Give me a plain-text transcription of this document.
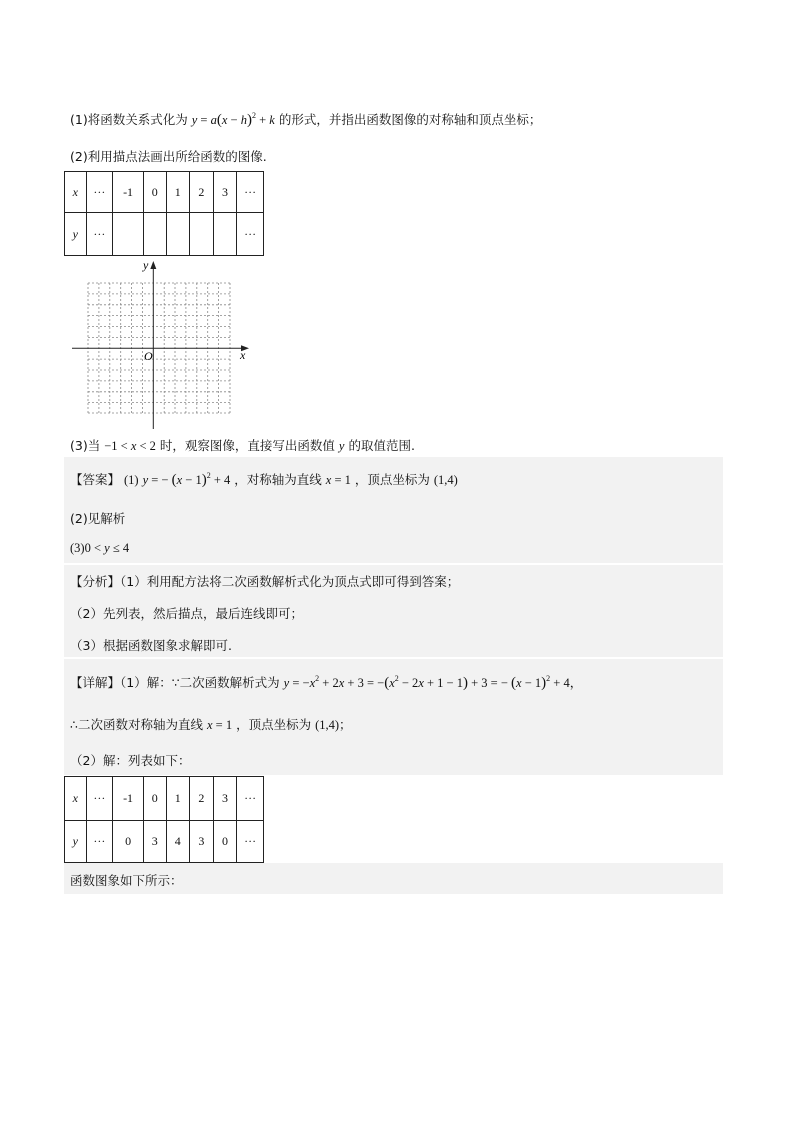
(1)将函数关系式化为 $y = a(x - h)^2 + k$ 的形式，并指出函数图像的对称轴和顶点坐标；
(2)利用描点法画出所给函数的图像.
x	···	-1	0	1	2	3	···
y	···						···
x
y
O
(3)当 −1 < x < 2 时，观察图像，直接写出函数值 y 的取值范围.
【答案】 (1) y = − $(x - 1)^2 + 4$ ，对称轴为直线 x = 1 ，顶点坐标为 (1,4)
(2)见解析
(3)0 < y ≤ 4
【分析】（1）利用配方法将二次函数解析式化为顶点式即可得到答案；
（2）先列表，然后描点，最后连线即可；
（3）根据函数图象求解即可.
【详解】（1）解：∵二次函数解析式为 $y = -x^2 + 2x + 3 = -(x^2 - 2x + 1 - 1) + 3$ = − $(x - 1)^2 + 4$，
∴二次函数对称轴为直线 x = 1 ，顶点坐标为 (1,4)；
（2）解：列表如下：
x	···	-1	0	1	2	3	···
y	···	0	3	4	3	0	···
函数图象如下所示：
